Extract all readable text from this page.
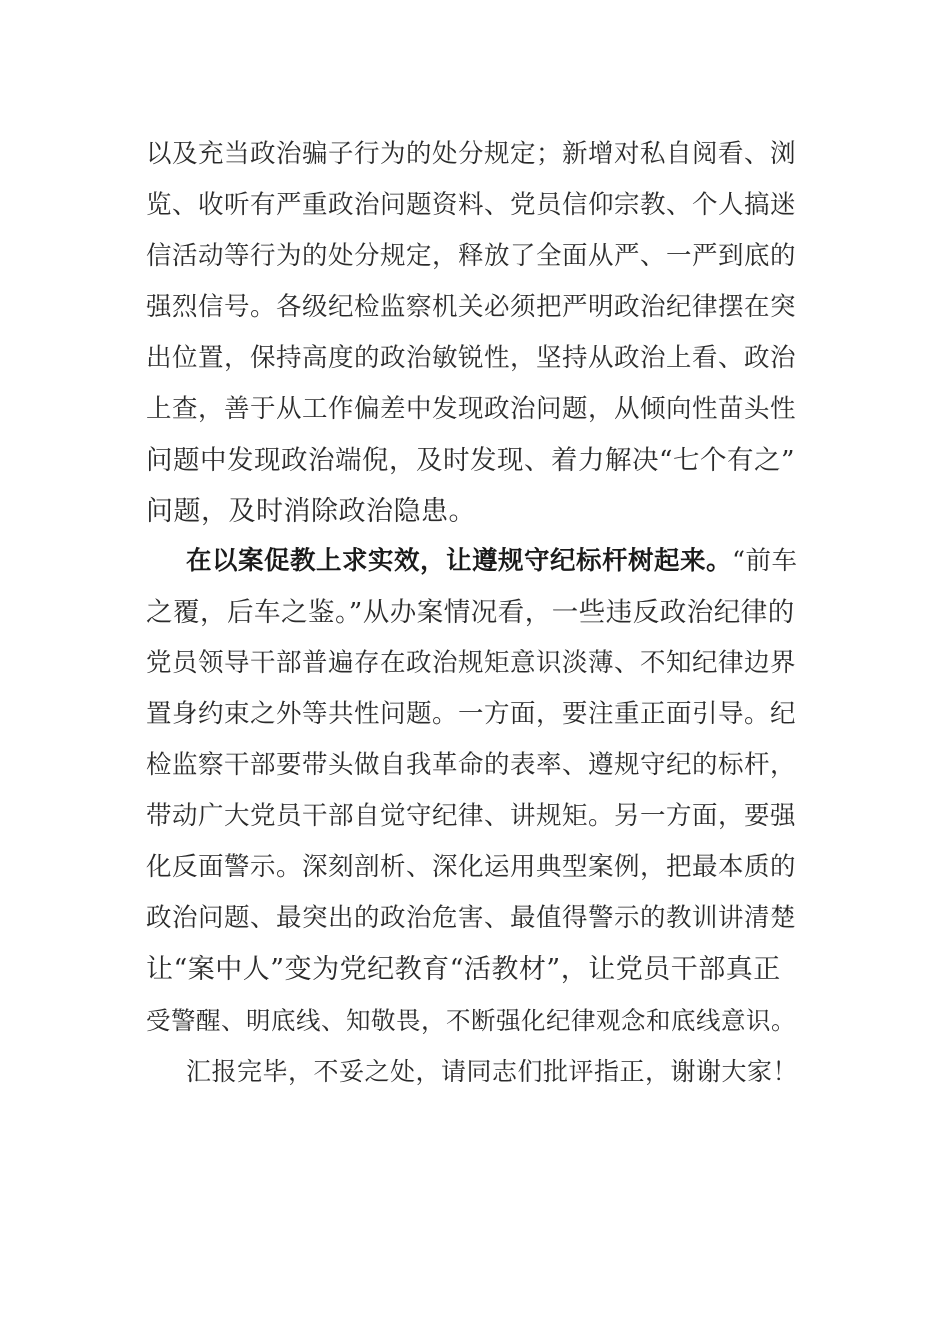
以及充当政治骗子行为的处分规定；新增对私自阅看、浏
览、收听有严重政治问题资料、党员信仰宗教、个人搞迷
信活动等行为的处分规定，释放了全面从严、一严到底的
强烈信号。各级纪检监察机关必须把严明政治纪律摆在突
出位置，保持高度的政治敏锐性，坚持从政治上看、政治
上查，善于从工作偏差中发现政治问题，从倾向性苗头性
问题中发现政治端倪，及时发现、着力解决“七个有之”
问题，及时消除政治隐患。
在以案促教上求实效，让遵规守纪标杆树起来。“前车
之覆，后车之鉴。”从办案情况看，一些违反政治纪律的
党员领导干部普遍存在政治规矩意识淡薄、不知纪律边界
置身约束之外等共性问题。一方面，要注重正面引导。纪
检监察干部要带头做自我革命的表率、遵规守纪的标杆，
带动广大党员干部自觉守纪律、讲规矩。另一方面，要强
化反面警示。深刻剖析、深化运用典型案例，把最本质的
政治问题、最突出的政治危害、最值得警示的教训讲清楚
让“案中人”变为党纪教育“活教材”，让党员干部真正
受警醒、明底线、知敬畏，不断强化纪律观念和底线意识。
汇报完毕，不妥之处，请同志们批评指正，谢谢大家！
